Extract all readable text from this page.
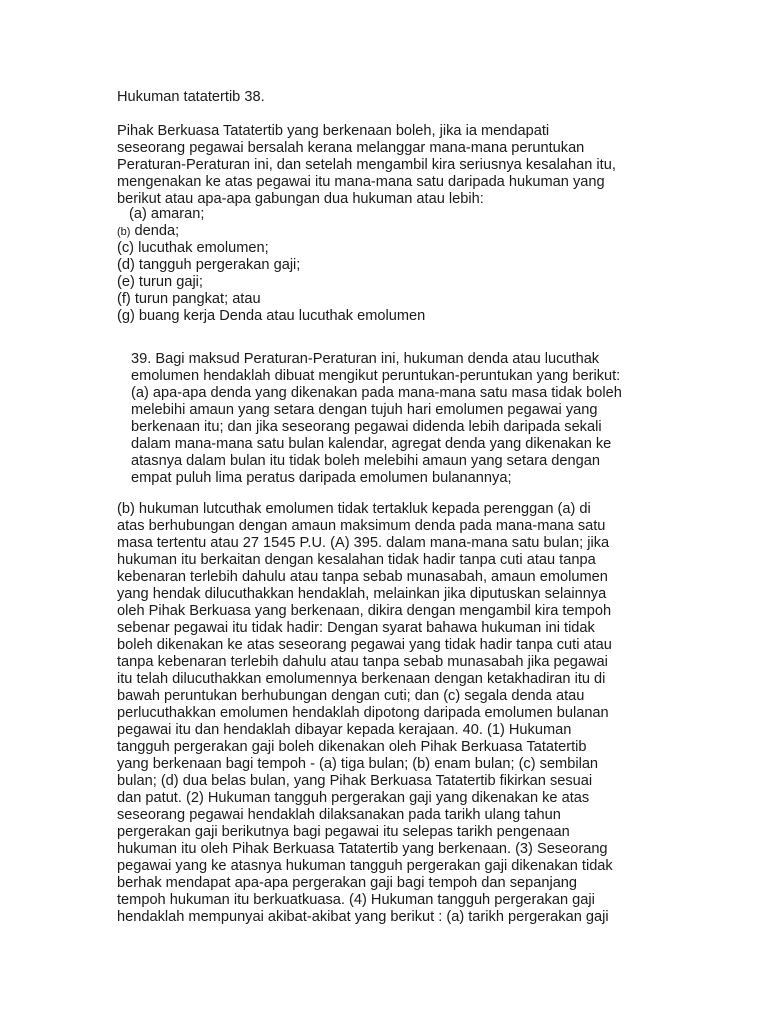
Hukuman tatatertib 38.
Pihak Berkuasa Tatatertib yang berkenaan boleh, jika ia mendapati
seseorang pegawai bersalah kerana melanggar mana-mana peruntukan
Peraturan-Peraturan ini, dan setelah mengambil kira seriusnya kesalahan itu,
mengenakan ke atas pegawai itu mana-mana satu daripada hukuman yang
berikut atau apa-apa gabungan dua hukuman atau lebih:
(a) amaran;
(b) denda;
(c) lucuthak emolumen;
(d) tangguh pergerakan gaji;
(e) turun gaji;
(f) turun pangkat; atau
(g) buang kerja Denda atau lucuthak emolumen
39. Bagi maksud Peraturan-Peraturan ini, hukuman denda atau lucuthak
emolumen hendaklah dibuat mengikut peruntukan-peruntukan yang berikut:
(a) apa-apa denda yang dikenakan pada mana-mana satu masa tidak boleh
melebihi amaun yang setara dengan tujuh hari emolumen pegawai yang
berkenaan itu; dan jika seseorang pegawai didenda lebih daripada sekali
dalam mana-mana satu bulan kalendar, agregat denda yang dikenakan ke
atasnya dalam bulan itu tidak boleh melebihi amaun yang setara dengan
empat puluh lima peratus daripada emolumen bulanannya;
(b) hukuman lutcuthak emolumen tidak tertakluk kepada perenggan (a) di
atas berhubungan dengan amaun maksimum denda pada mana-mana satu
masa tertentu atau 27 1545 P.U. (A) 395. dalam mana-mana satu bulan; jika
hukuman itu berkaitan dengan kesalahan tidak hadir tanpa cuti atau tanpa
kebenaran terlebih dahulu atau tanpa sebab munasabah, amaun emolumen
yang hendak dilucuthakkan hendaklah, melainkan jika diputuskan selainnya
oleh Pihak Berkuasa yang berkenaan, dikira dengan mengambil kira tempoh
sebenar pegawai itu tidak hadir: Dengan syarat bahawa hukuman ini tidak
boleh dikenakan ke atas seseorang pegawai yang tidak hadir tanpa cuti atau
tanpa kebenaran terlebih dahulu atau tanpa sebab munasabah jika pegawai
itu telah dilucuthakkan emolumennya berkenaan dengan ketakhadiran itu di
bawah peruntukan berhubungan dengan cuti; dan (c) segala denda atau
perlucuthakkan emolumen hendaklah dipotong daripada emolumen bulanan
pegawai itu dan hendaklah dibayar kepada kerajaan. 40. (1) Hukuman
tangguh pergerakan gaji boleh dikenakan oleh Pihak Berkuasa Tatatertib
yang berkenaan bagi tempoh - (a) tiga bulan; (b) enam bulan; (c) sembilan
bulan; (d) dua belas bulan, yang Pihak Berkuasa Tatatertib fikirkan sesuai
dan patut. (2) Hukuman tangguh pergerakan gaji yang dikenakan ke atas
seseorang pegawai hendaklah dilaksanakan pada tarikh ulang tahun
pergerakan gaji berikutnya bagi pegawai itu selepas tarikh pengenaan
hukuman itu oleh Pihak Berkuasa Tatatertib yang berkenaan. (3) Seseorang
pegawai yang ke atasnya hukuman tangguh pergerakan gaji dikenakan tidak
berhak mendapat apa-apa pergerakan gaji bagi tempoh dan sepanjang
tempoh hukuman itu berkuatkuasa. (4) Hukuman tangguh pergerakan gaji
hendaklah mempunyai akibat-akibat yang berikut : (a) tarikh pergerakan gaji
